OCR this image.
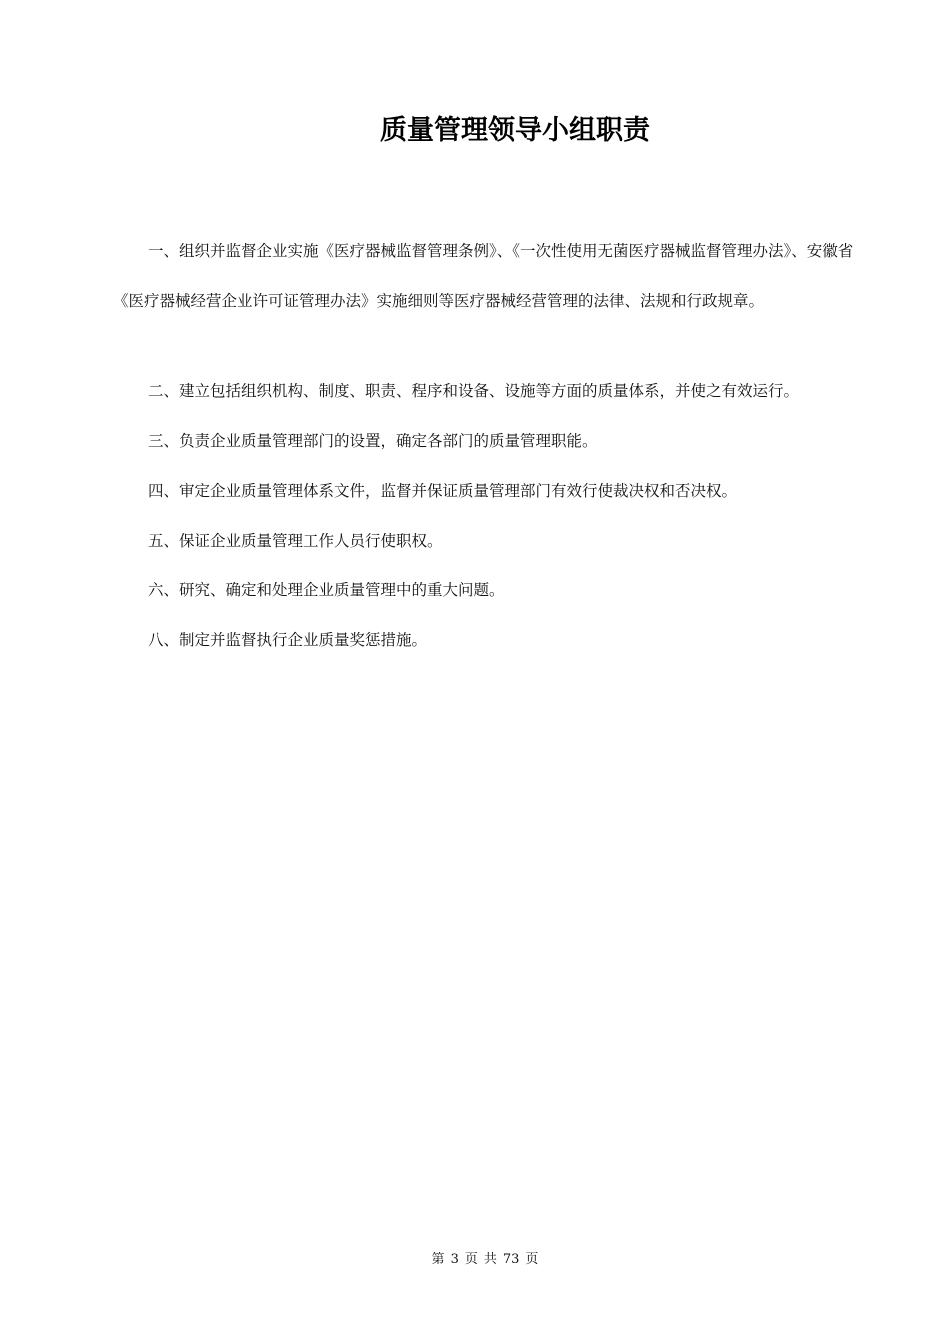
质量管理领导小组职责

一、组织并监督企业实施《医疗器械监督管理条例》、《一次性使用无菌医疗器械监督管理办法》、安徽省《医疗器械经营企业许可证管理办法》实施细则等医疗器械经营管理的法律、法规和行政规章。

二、建立包括组织机构、制度、职责、程序和设备、设施等方面的质量体系，并使之有效运行。

三、负责企业质量管理部门的设置，确定各部门的质量管理职能。

四、审定企业质量管理体系文件，监督并保证质量管理部门有效行使裁决权和否决权。

五、保证企业质量管理工作人员行使职权。

六、研究、确定和处理企业质量管理中的重大问题。

八、制定并监督执行企业质量奖惩措施。

第 3 页 共 73 页
